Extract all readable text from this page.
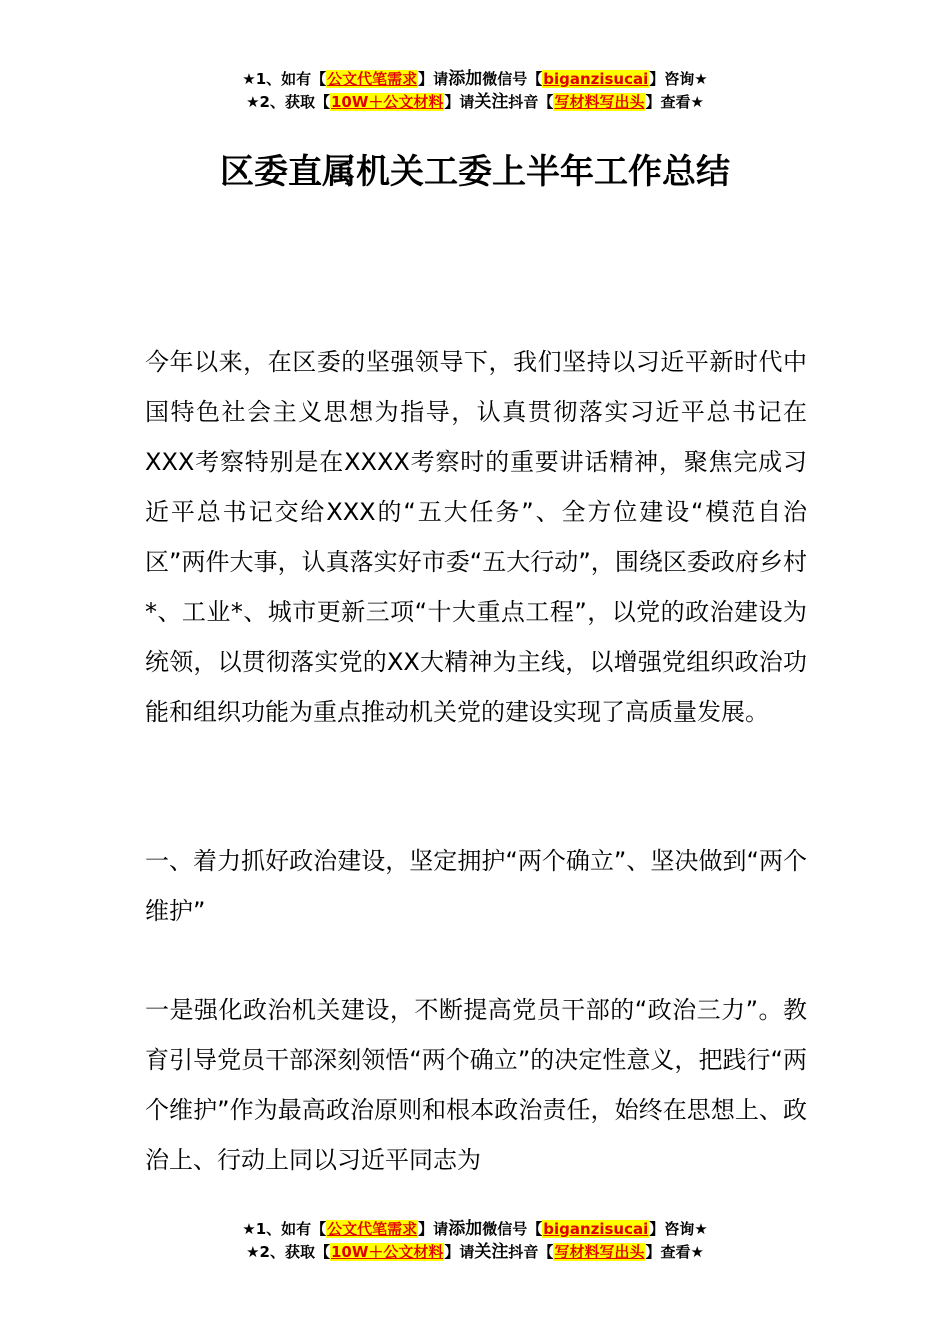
★1、如有【公文代笔需求】请添加微信号【biganzisucai】咨询★
★2、获取【10W＋公文材料】请关注抖音【写材料写出头】查看★
区委直属机关工委上半年工作总结

今年以来，在区委的坚强领导下，我们坚持以习近平新时代中国特色社会主义思想为指导，认真贯彻落实习近平总书记在XXX考察特别是在XXXX考察时的重要讲话精神，聚焦完成习近平总书记交给XXX的“五大任务”、全方位建设“模范自治区”两件大事，认真落实好市委“五大行动”，围绕区委政府乡村*、工业*、城市更新三项“十大重点工程”，以党的政治建设为统领，以贯彻落实党的XX大精神为主线，以增强党组织政治功能和组织功能为重点推动机关党的建设实现了高质量发展。

一、着力抓好政治建设，坚定拥护“两个确立”、坚决做到“两个维护”

一是强化政治机关建设，不断提高党员干部的“政治三力”。教育引导党员干部深刻领悟“两个确立”的决定性意义，把践行“两个维护”作为最高政治原则和根本政治责任，始终在思想上、政治上、行动上同以习近平同志为

★1、如有【公文代笔需求】请添加微信号【biganzisucai】咨询★
★2、获取【10W＋公文材料】请关注抖音【写材料写出头】查看★
